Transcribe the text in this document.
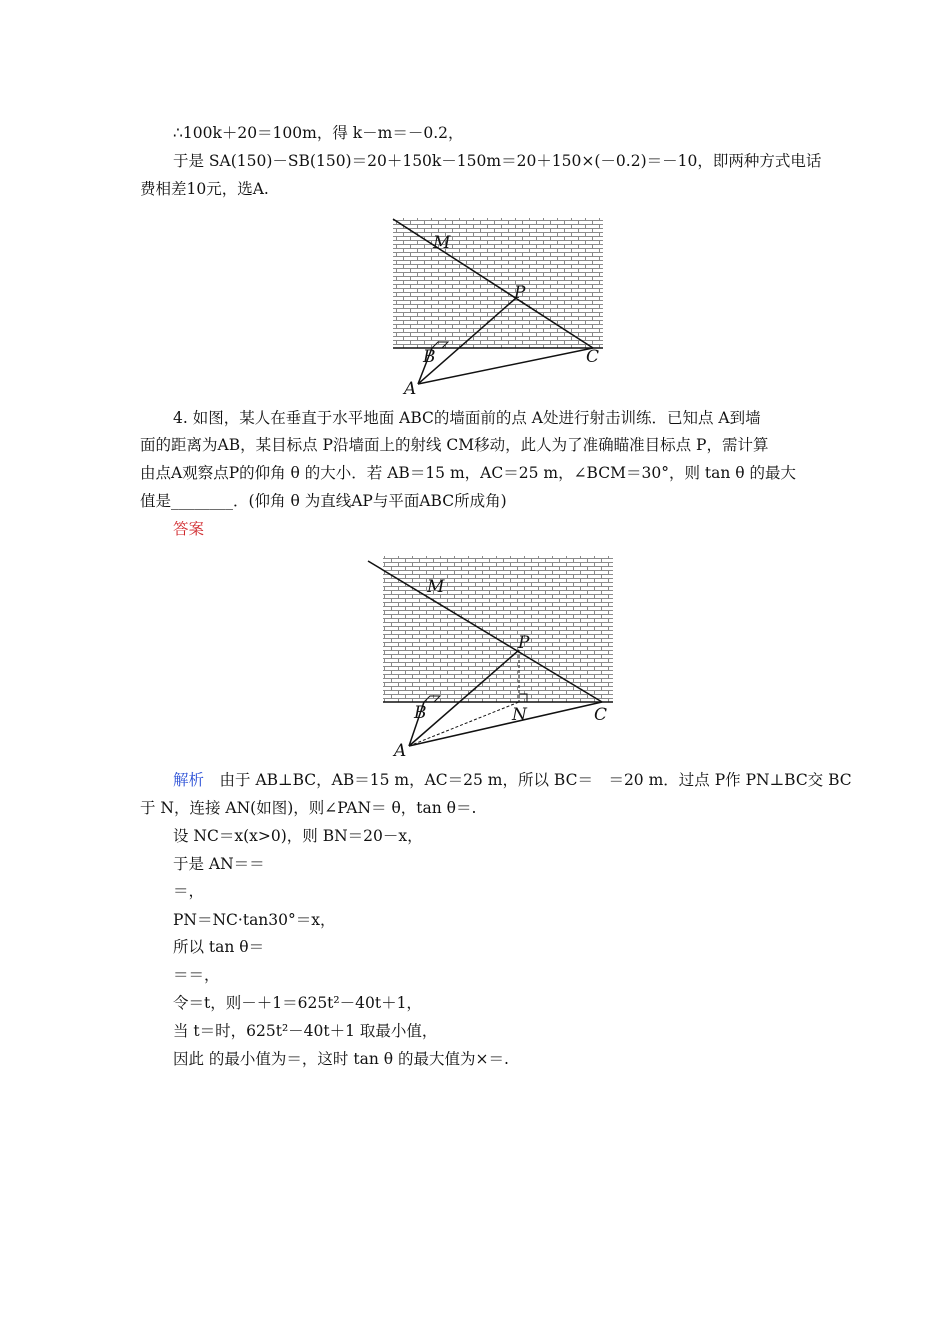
∴100k＋20＝100m，得 k－m＝－0.2，
于是 SA(150)－SB(150)＝20＋150k－150m＝20＋150×(－0.2)＝－10，即两种方式电话
费相差10元，选A.
M
P
B	C
A
4. 如图，某人在垂直于水平地面 ABC的墙面前的点 A处进行射击训练．已知点 A到墙
面的距离为AB，某目标点 P沿墙面上的射线 CM移动，此人为了准确瞄准目标点 P，需计算
由点A观察点P的仰角 θ 的大小．若 AB＝15 m，AC＝25 m，∠BCM＝30°，则 tan θ 的最大
值是________．(仰角 θ 为直线AP与平面ABC所成角)
答案
M
P
B	N	C
A
解析　由于 AB⊥BC，AB＝15 m，AC＝25 m，所以 BC＝　＝20 m．过点 P作 PN⊥BC交 BC
于 N，连接 AN(如图)，则∠PAN＝ θ，tan θ＝.
设 NC＝x(x>0)，则 BN＝20－x，
于是 AN＝＝
＝，
PN＝NC·tan30°＝x，
所以 tan θ＝
＝＝，
令＝t，则－＋1＝625t²－40t＋1，
当 t＝时，625t²－40t＋1 取最小值，
因此 的最小值为＝，这时 tan θ 的最大值为×＝.
